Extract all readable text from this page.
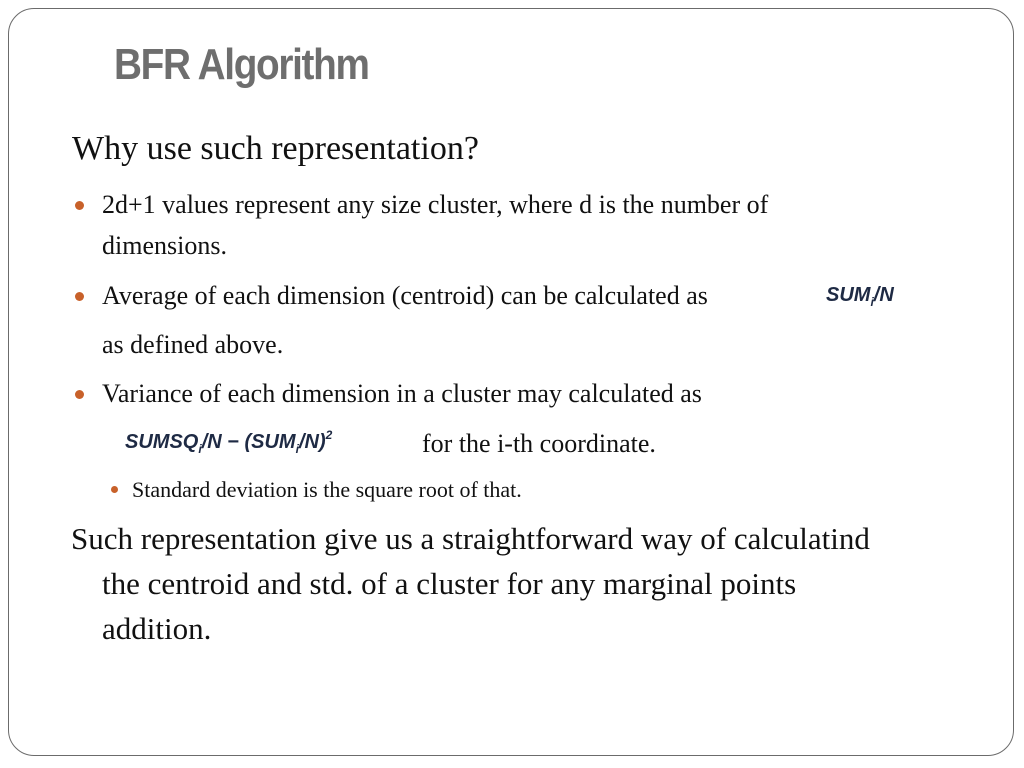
BFR Algorithm

Why use such representation?

2d+1 values represent any size cluster, where d is the number of

dimensions.

Average of each dimension (centroid) can be calculated as	$SUM_i/N$

as defined above.

Variance of each dimension in a cluster may calculated as

$SUMSQ_i/N - (SUM_i/N)^2$	for the i-th coordinate.

Standard deviation is the square root of that.

Such representation give us a straightforward way of calculatind

the centroid and std. of a cluster for any marginal points

addition.
